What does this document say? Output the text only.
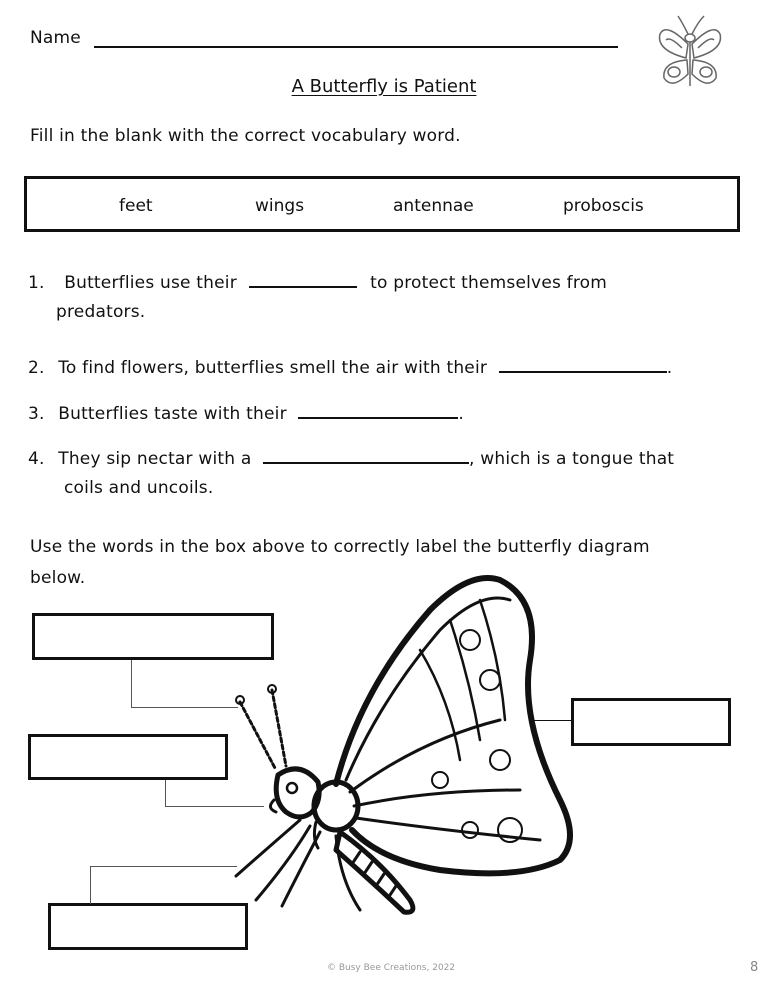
Name
A Butterfly is Patient
Fill in the blank with the correct vocabulary word.
feet	wings	antennae	proboscis
1. Butterflies use their	to protect themselves from
predators.
2. To find flowers, butterflies smell the air with their	.
3. Butterflies taste with their	.
4. They sip nectar with a	, which is a tongue that
coils and uncoils.
Use the words in the box above to correctly label the butterfly diagram
below.
© Busy Bee Creations, 2022	8
